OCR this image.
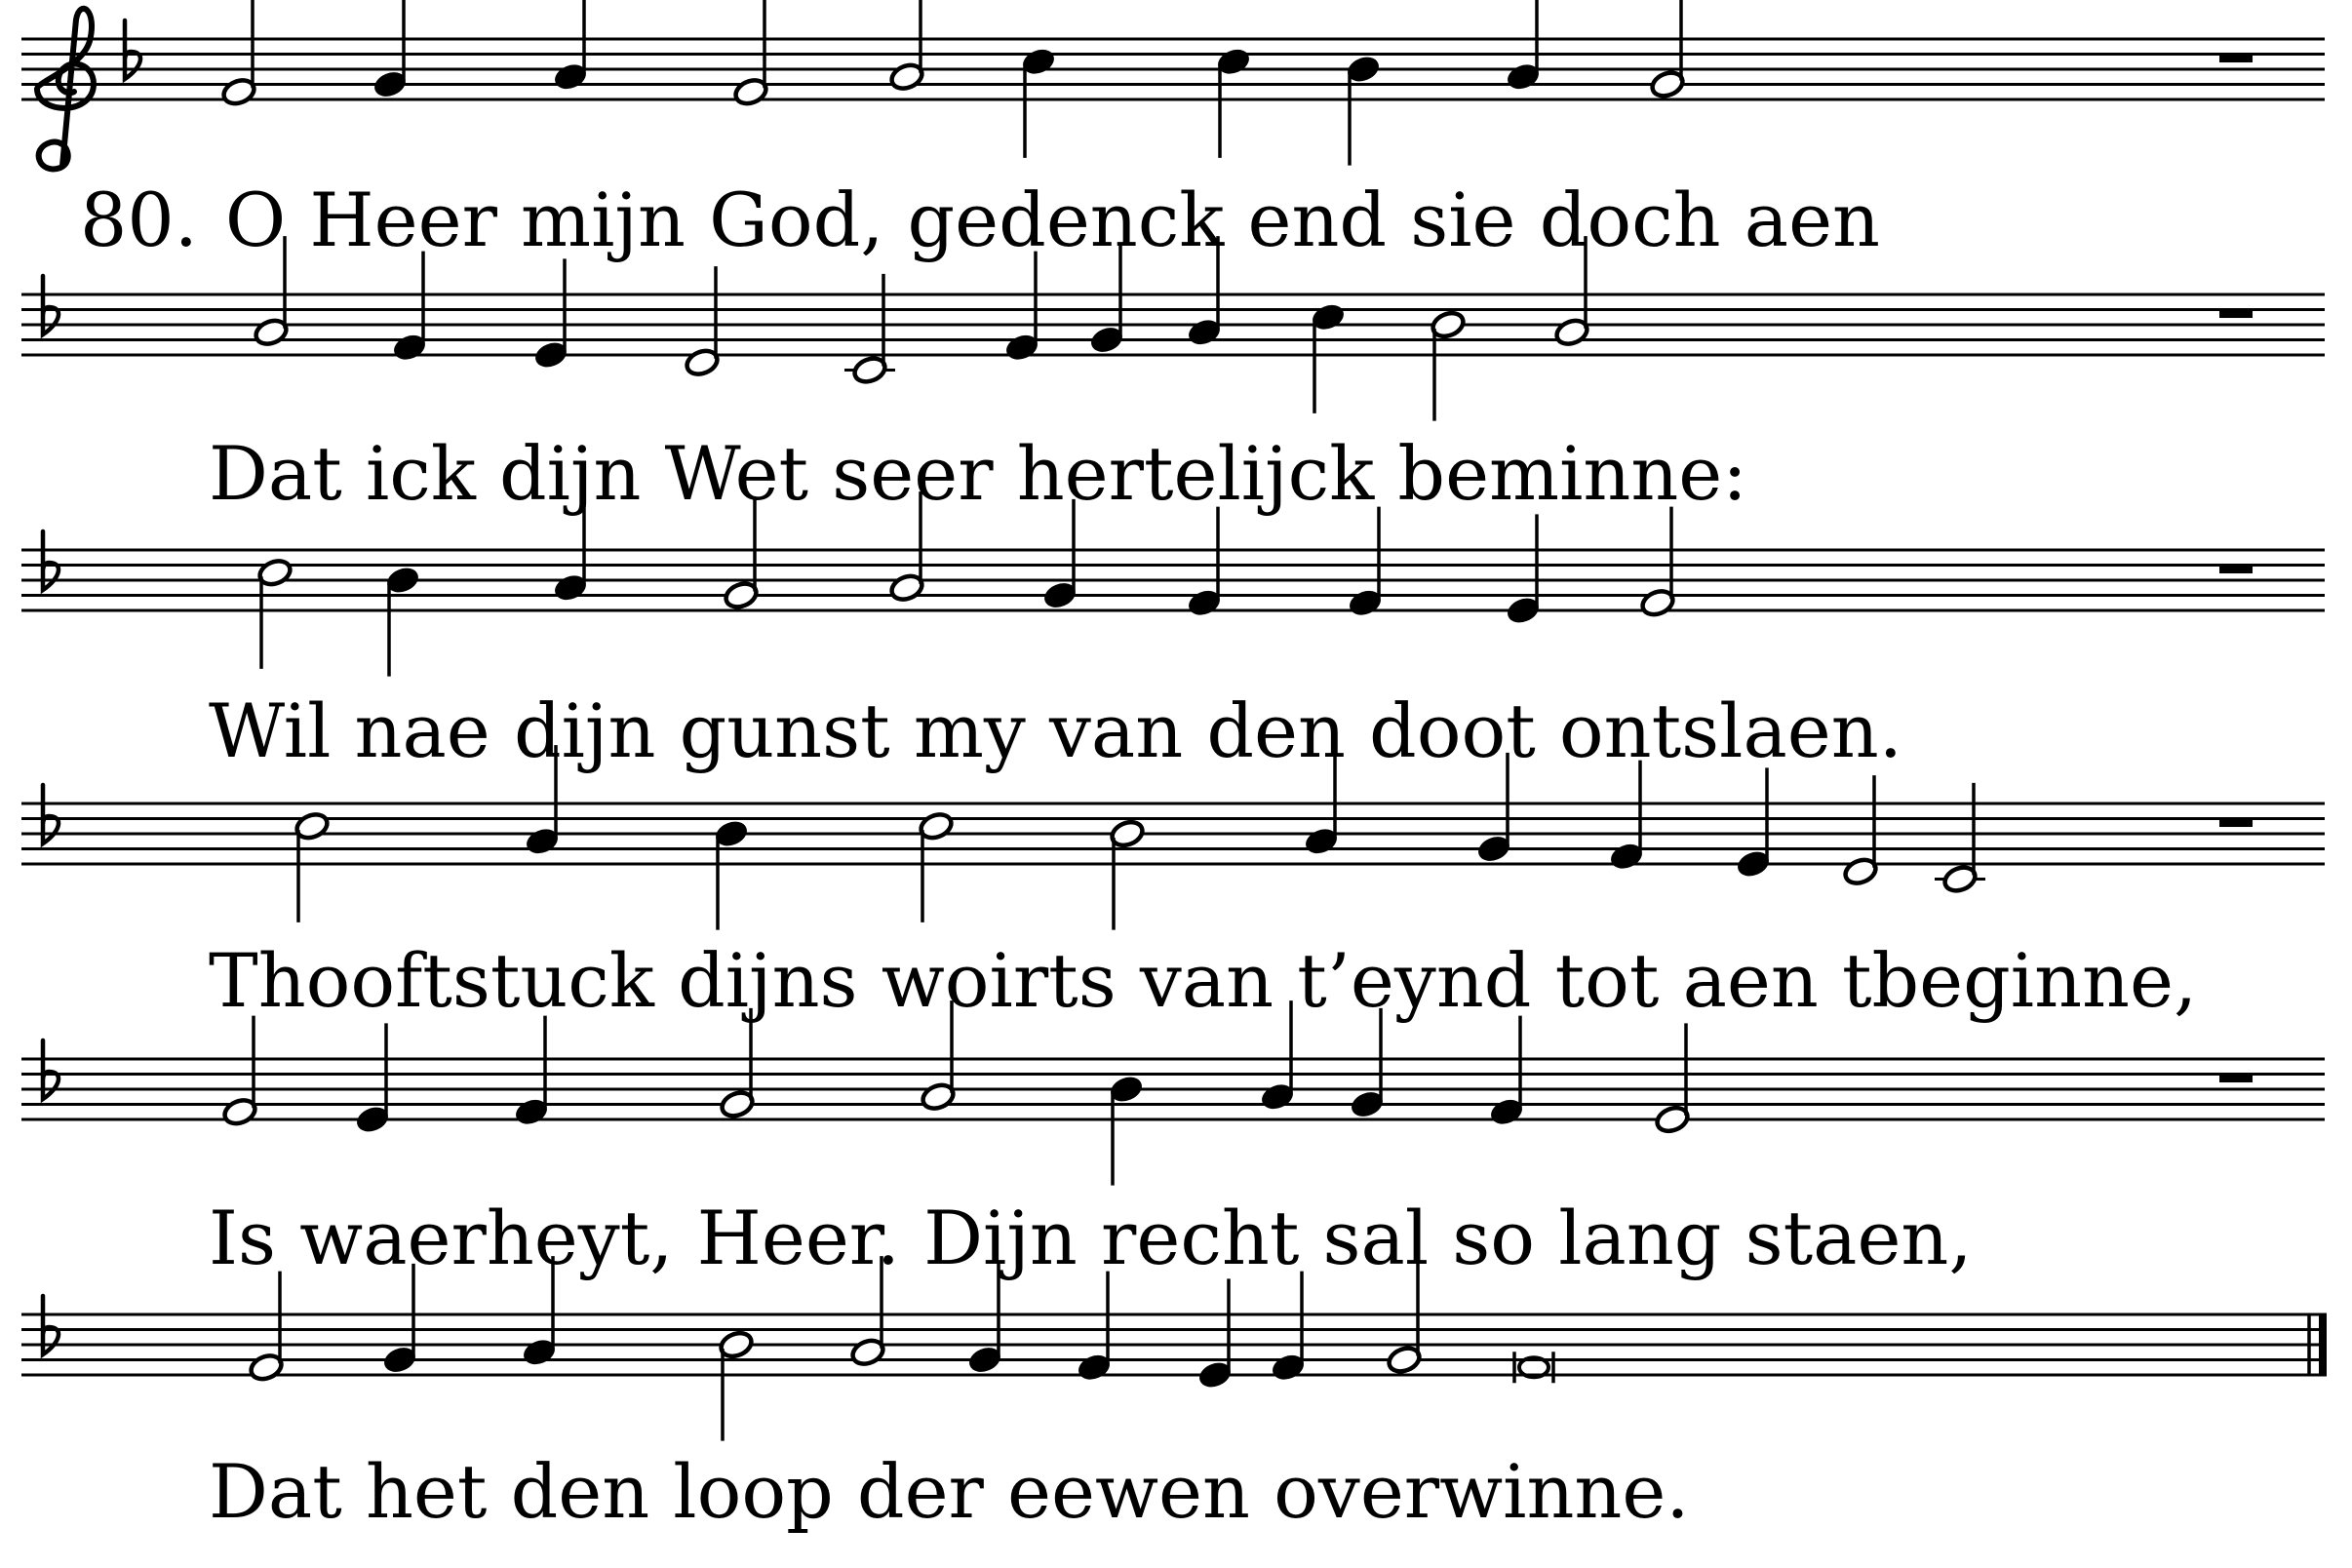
80. O Heer mijn God, gedenck end sie doch aen
Dat ick dijn Wet seer hertelijck beminne:
Wil nae dijn gunst my van den doot ontslaen.
Thooftstuck dijns woirts van t’eynd tot aen tbeginne,
Is waerheyt, Heer. Dijn recht sal so lang staen,
Dat het den loop der eewen overwinne.
